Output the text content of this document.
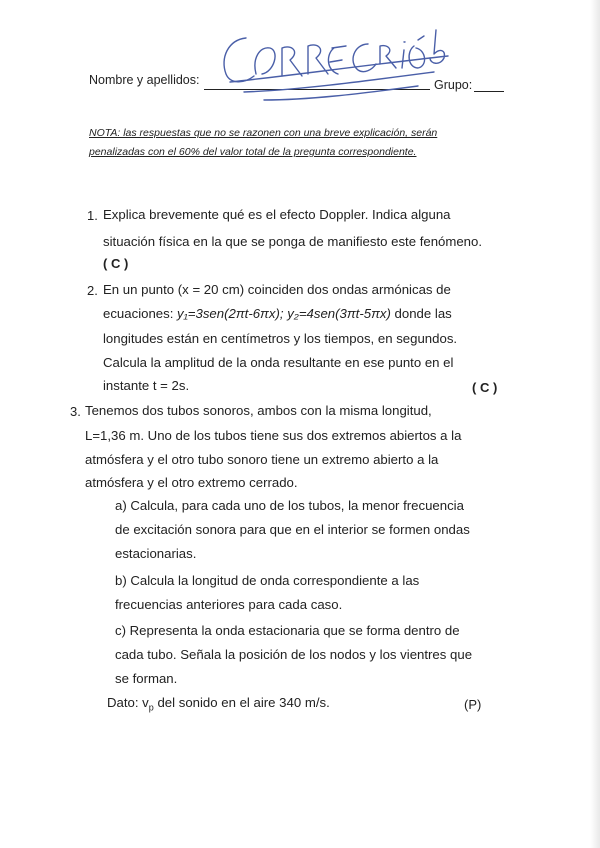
Nombre y apellidos:	Grupo:
NOTA: las respuestas que no se razonen con una breve explicación, serán
penalizadas con el 60% del valor total de la pregunta correspondiente.
1. Explica brevemente qué es el efecto Doppler. Indica alguna
situación física en la que se ponga de manifiesto este fenómeno.
( C )
2. En un punto (x = 20 cm) coinciden dos ondas armónicas de
ecuaciones: y₁=3sen(2πt-6πx); y₂=4sen(3πt-5πx) donde las
longitudes están en centímetros y los tiempos, en segundos.
Calcula la amplitud de la onda resultante en ese punto en el
instante t = 2s.	( C )
3. Tenemos dos tubos sonoros, ambos con la misma longitud,
L=1,36 m. Uno de los tubos tiene sus dos extremos abiertos a la
atmósfera y el otro tubo sonoro tiene un extremo abierto a la
atmósfera y el otro extremo cerrado.
a) Calcula, para cada uno de los tubos, la menor frecuencia
de excitación sonora para que en el interior se formen ondas
estacionarias.
b) Calcula la longitud de onda correspondiente a las
frecuencias anteriores para cada caso.
c) Representa la onda estacionaria que se forma dentro de
cada tubo. Señala la posición de los nodos y los vientres que
se forman.
Dato: $v_p$ del sonido en el aire 340 m/s.	(P)
